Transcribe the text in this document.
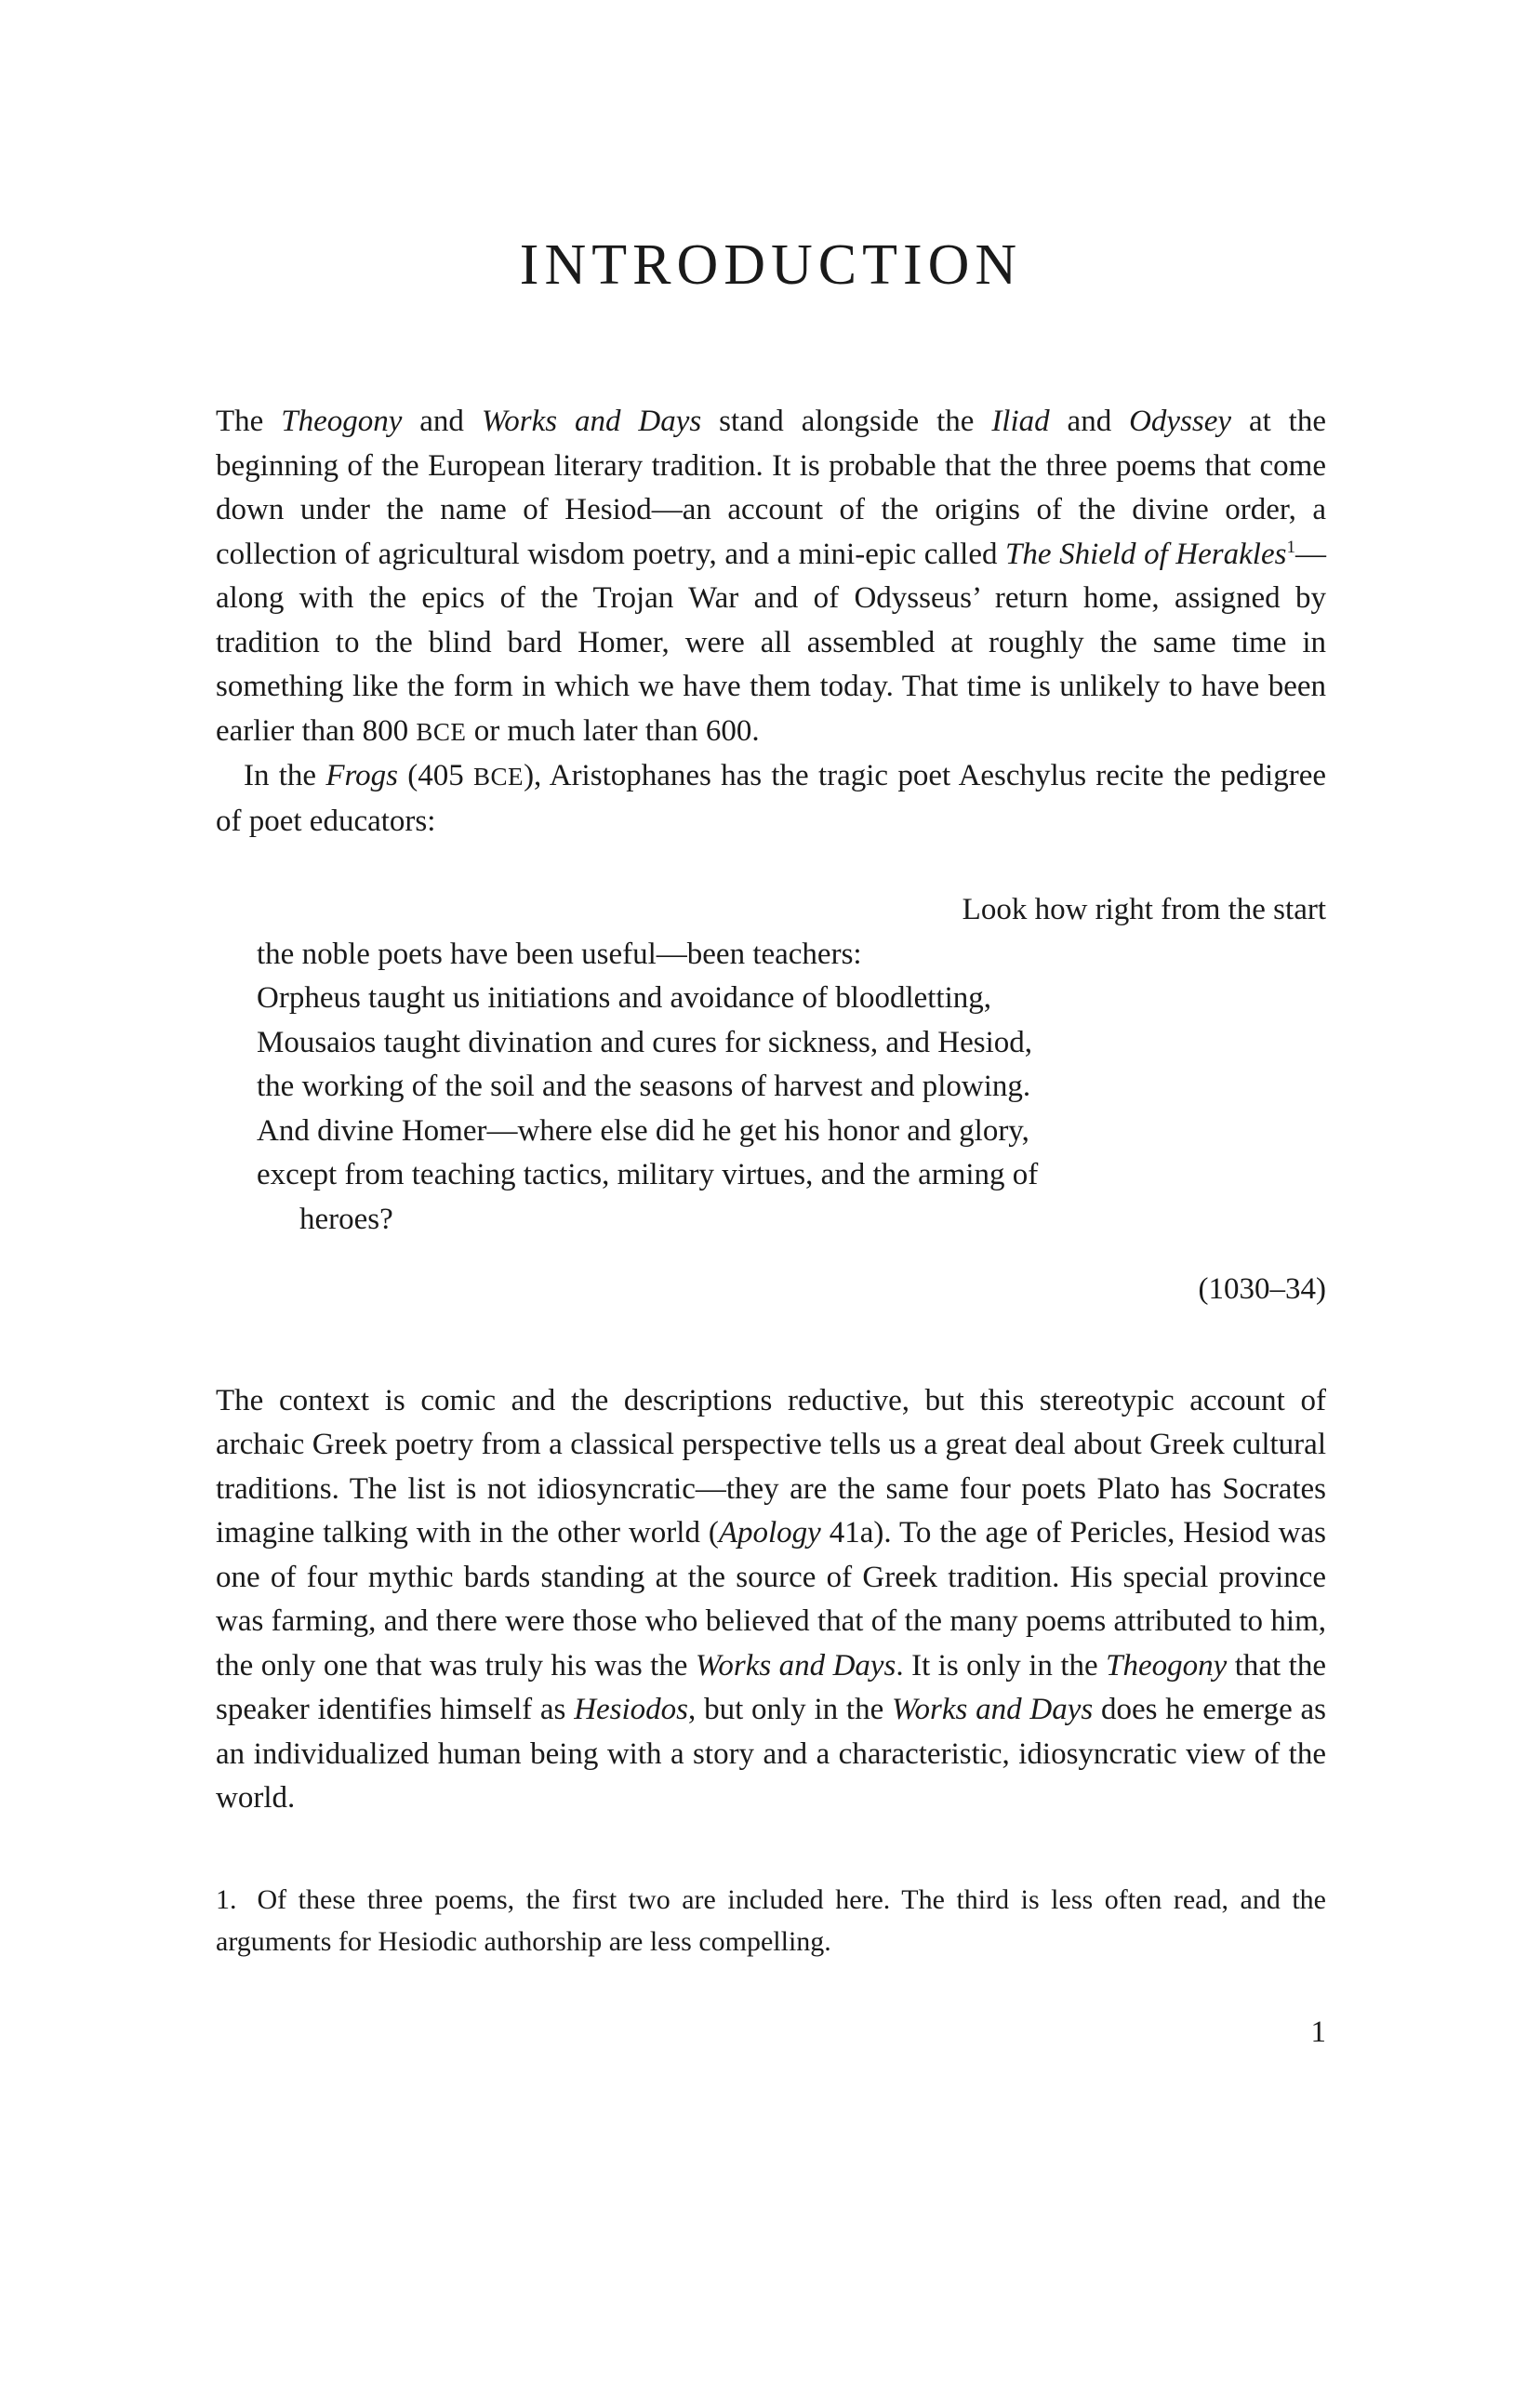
INTRODUCTION

The Theogony and Works and Days stand alongside the Iliad and Odyssey at the beginning of the European literary tradition. It is probable that the three poems that come down under the name of Hesiod—an account of the origins of the divine order, a collection of agricultural wisdom poetry, and a mini-epic called The Shield of Herakles$^1$—along with the epics of the Trojan War and of Odysseus’ return home, assigned by tradition to the blind bard Homer, were all assembled at roughly the same time in something like the form in which we have them today. That time is unlikely to have been earlier than 800 BCE or much later than 600.

In the Frogs (405 BCE), Aristophanes has the tragic poet Aeschylus recite the pedigree of poet educators:

Look how right from the start
the noble poets have been useful—been teachers:
Orpheus taught us initiations and avoidance of bloodletting,
Mousaios taught divination and cures for sickness, and Hesiod,
the working of the soil and the seasons of harvest and plowing.
And divine Homer—where else did he get his honor and glory,
except from teaching tactics, military virtues, and the arming of
heroes?
(1030–34)

The context is comic and the descriptions reductive, but this stereotypic account of archaic Greek poetry from a classical perspective tells us a great deal about Greek cultural traditions. The list is not idiosyncratic—they are the same four poets Plato has Socrates imagine talking with in the other world (Apology 41a). To the age of Pericles, Hesiod was one of four mythic bards standing at the source of Greek tradition. His special province was farming, and there were those who believed that of the many poems attributed to him, the only one that was truly his was the Works and Days. It is only in the Theogony that the speaker identifies himself as Hesiodos, but only in the Works and Days does he emerge as an individualized human being with a story and a characteristic, idiosyncratic view of the world.

1. Of these three poems, the first two are included here. The third is less often read, and the arguments for Hesiodic authorship are less compelling.
1
